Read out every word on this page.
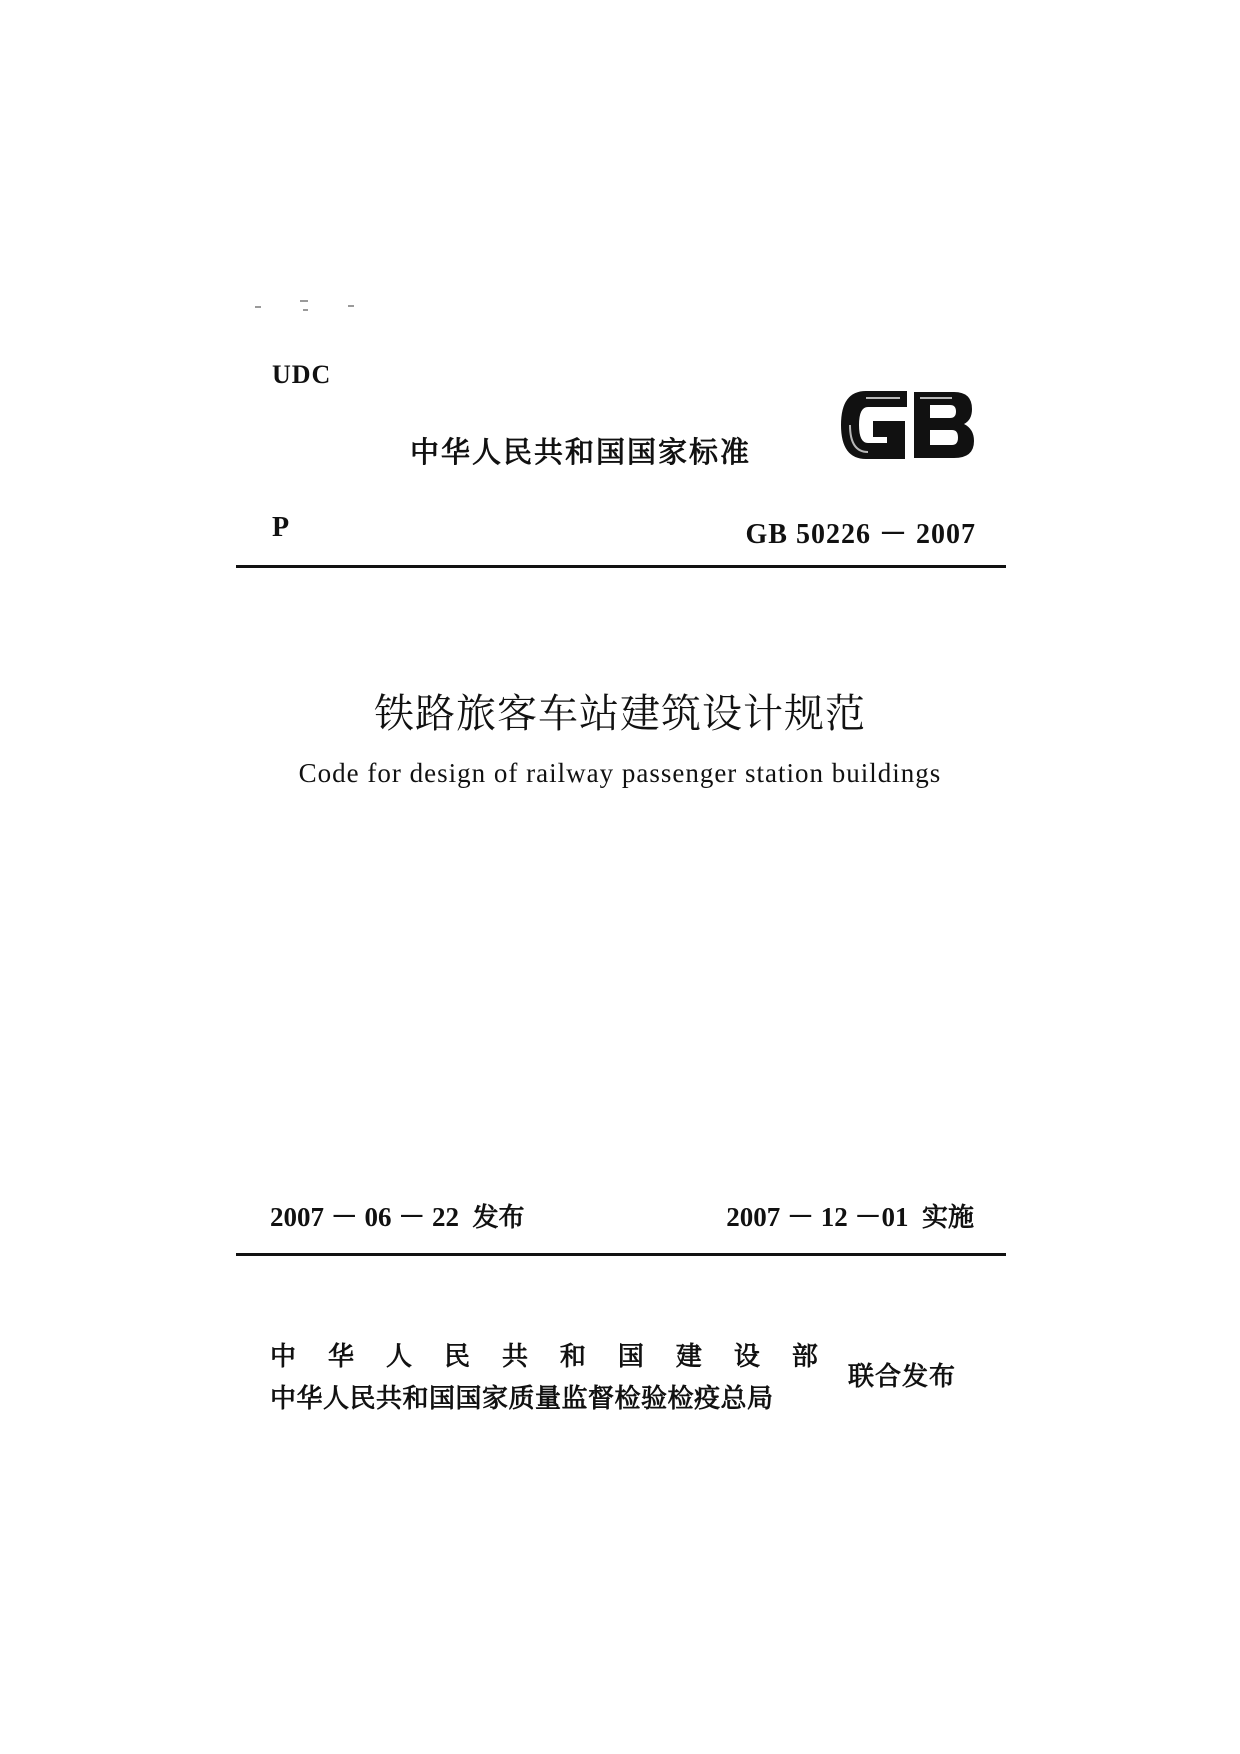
UDC
中华人民共和国国家标准
P	GB 50226 － 2007
铁路旅客车站建筑设计规范
Code for design of railway passenger station buildings
2007 － 06 － 22 发布	2007 － 12 －01 实施
中 华 人 民 共 和 国 建 设 部
中华人民共和国国家质量监督检验检疫总局
联合发布
